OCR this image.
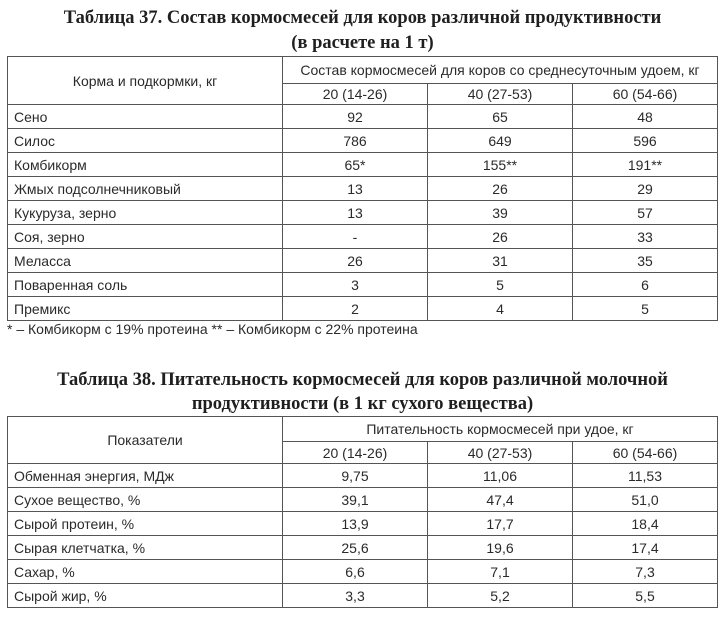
Таблица 37. Состав кормосмесей для коров различной продуктивности
(в расчете на 1 т)
Корма и подкормки, кг	Состав кормосмесей для коров со среднесуточным удоем, кг		
	20 (14-26)	40 (27-53)	60 (54-66)
Сено	92	65	48
Силос	786	649	596
Комбикорм	65*	155**	191**
Жмых подсолнечниковый	13	26	29
Кукуруза, зерно	13	39	57
Соя, зерно	-	26	33
Меласса	26	31	35
Поваренная соль	3	5	6
Премикс	2	4	5
* – Комбикорм с 19% протеина ** – Комбикорм с 22% протеина
Таблица 38. Питательность кормосмесей для коров различной молочной
продуктивности (в 1 кг сухого вещества)
Показатели	Питательность кормосмесей при удое, кг		
	20 (14-26)	40 (27-53)	60 (54-66)
Обменная энергия, МДж	9,75	11,06	11,53
Сухое вещество, %	39,1	47,4	51,0
Сырой протеин, %	13,9	17,7	18,4
Сырая клетчатка, %	25,6	19,6	17,4
Сахар, %	6,6	7,1	7,3
Сырой жир, %	3,3	5,2	5,5
